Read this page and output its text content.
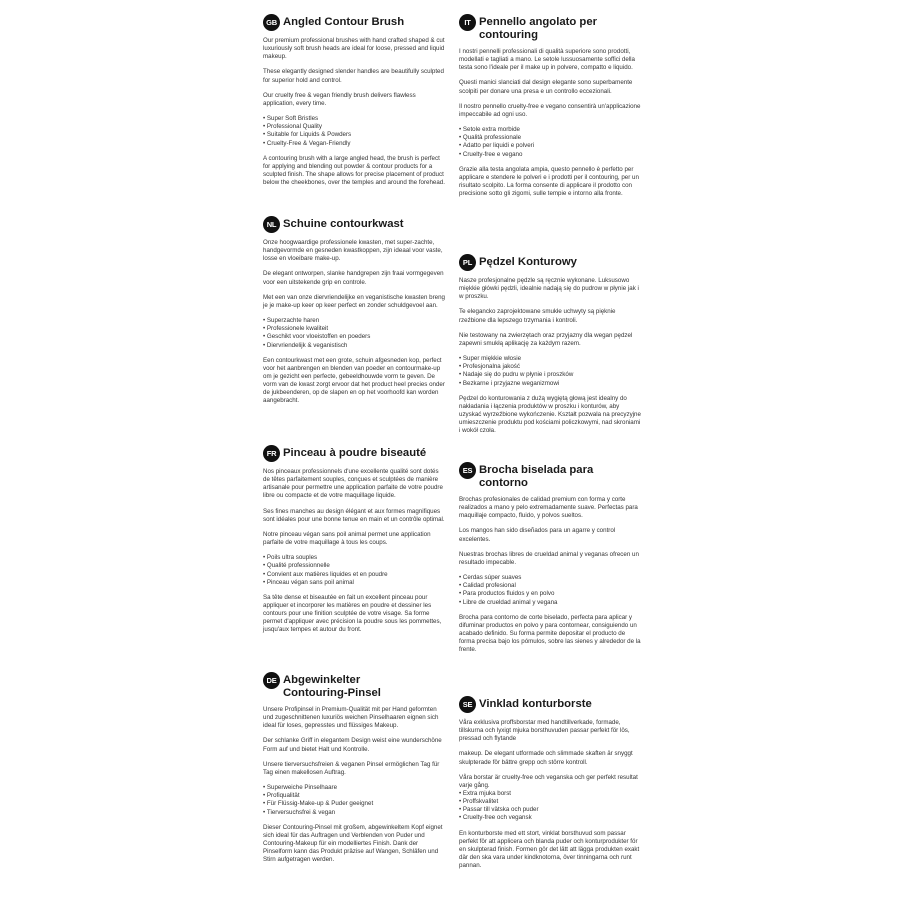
GB Angled Contour Brush

Our premium professional brushes with hand crafted shaped & cut luxuriously soft brush heads are ideal for loose, pressed and liquid makeup.

These elegantly designed slender handles are beautifully sculpted for superior hold and control.

Our cruelty free & vegan friendly brush delivers flawless application, every time.

• Super Soft Bristles
• Professional Quality
• Suitable for Liquids & Powders
• Cruelty-Free & Vegan-Friendly

A contouring brush with a large angled head, the brush is perfect for applying and blending out powder & contour products for a sculpted finish. The shape allows for precise placement of product below the cheekbones, over the temples and around the forehead.

NL Schuine contourkwast

Onze hoogwaardige professionele kwasten, met super-zachte, handgevormde en gesneden kwastkoppen, zijn ideaal voor vaste, losse en vloeibare make-up.

De elegant ontworpen, slanke handgrepen zijn fraai vormgegeven voor een uitstekende grip en controle.

Met een van onze diervriendelijke en veganistische kwasten breng je je make-up keer op keer perfect en zonder schuldgevoel aan.

• Superzachte haren
• Professionele kwaliteit
• Geschikt voor vloeistoffen en poeders
• Diervriendelijk & veganistisch

Een contourkwast met een grote, schuin afgesneden kop, perfect voor het aanbrengen en blenden van poeder en contourmake-up om je gezicht een perfecte, gebeeldhouwde vorm te geven. De vorm van de kwast zorgt ervoor dat het product heel precies onder de jukbeenderen, op de slapen en op het voorhoofd kan worden aangebracht.

FR Pinceau à poudre biseauté

Nos pinceaux professionnels d'une excellente qualité sont dotés de têtes parfaitement souples, conçues et sculptées de manière artisanale pour permettre une application parfaite de votre poudre libre ou compacte et de votre maquillage liquide.

Ses fines manches au design élégant et aux formes magnifiques sont idéales pour une bonne tenue en main et un contrôle optimal.

Notre pinceau végan sans poil animal permet une application parfaite de votre maquillage à tous les coups.

• Poils ultra souples
• Qualité professionnelle
• Convient aux matières liquides et en poudre
• Pinceau végan sans poil animal

Sa tête dense et biseautée en fait un excellent pinceau pour appliquer et incorporer les matières en poudre et dessiner les contours pour une finition sculptée de votre visage. Sa forme permet d'appliquer avec précision la poudre sous les pommettes, jusqu'aux tempes et autour du front.

DE Abgewinkelter
Contouring-Pinsel

Unsere Profipinsel in Premium-Qualität mit per Hand geformten und zugeschnittenen luxuriös weichen Pinselhaaren eignen sich ideal für loses, gepresstes und flüssiges Makeup.

Der schlanke Griff in elegantem Design weist eine wunderschöne Form auf und bietet Halt und Kontrolle.

Unsere tierversuchsfreien & veganen Pinsel ermöglichen Tag für Tag einen makellosen Auftrag.

• Superweiche Pinselhaare
• Profiqualität
• Für Flüssig-Make-up & Puder geeignet
• Tierversuchsfrei & vegan

Dieser Contouring-Pinsel mit großem, abgewinkeltem Kopf eignet sich ideal für das Auftragen und Verblenden von Puder und Contouring-Makeup für ein modelliertes Finish. Dank der Pinselform kann das Produkt präzise auf Wangen, Schläfen und Stirn aufgetragen werden.

IT Pennello angolato per
contouring

I nostri pennelli professionali di qualità superiore sono prodotti, modellati e tagliati a mano. Le setole lussuosamente soffici della testa sono l'ideale per il make up in polvere, compatto e liquido.

Questi manici slanciati dal design elegante sono superbamente scolpiti per donare una presa e un controllo eccezionali.

Il nostro pennello cruelty-free e vegano consentirà un'applicazione impeccabile ad ogni uso.

• Setole extra morbide
• Qualità professionale
• Adatto per liquidi e polveri
• Cruelty-free e vegano

Grazie alla testa angolata ampia, questo pennello è perfetto per applicare e stendere le polveri e i prodotti per il contouring, per un risultato scolpito. La forma consente di applicare il prodotto con precisione sotto gli zigomi, sulle tempie e intorno alla fronte.

PL Pędzel Konturowy

Nasze profesjonalne pędzle są ręcznie wykonane. Luksusowo miękkie główki pędzli, idealnie nadają się do pudrow w płynie jak i w proszku.

Te elegancko zaprojektowane smukłe uchwyty są pięknie rzeźbione dla lepszego trzymania i kontroli.

Nie testowany na zwierzętach oraz przyjazny dla wegan pędzel zapewni smukłą aplikację za każdym razem.

• Super miękkie włosie
• Profesjonalna jakość
• Nadaje się do pudru w płynie i proszków
• Bezkarne i przyjazne weganizmowi

Pędzel do konturowania z dużą wygiętą głową jest idealny do nakładania i łączenia produktów w proszku i konturów, aby uzyskać wyrzeźbione wykończenie. Kształt pozwala na precyzyjne umieszczenie produktu pod kościami policzkowymi, nad skroniami i wokół czoła.

ES Brocha biselada para
contorno

Brochas profesionales de calidad premium con forma y corte realizados a mano y pelo extremadamente suave. Perfectas para maquillaje compacto, fluido, y polvos sueltos.

Los mangos han sido diseñados para un agarre y control excelentes.

Nuestras brochas libres de crueldad animal y veganas ofrecen un resultado impecable.

• Cerdas súper suaves
• Calidad profesional
• Para productos fluidos y en polvo
• Libre de crueldad animal y vegana

Brocha para contorno de corte biselado, perfecta para aplicar y difuminar productos en polvo y para contornear, consiguiendo un acabado definido. Su forma permite depositar el producto de forma precisa bajo los pómulos, sobre las sienes y alrededor de la frente.

SE Vinklad konturborste

Våra exklusiva proffsborstar med handtillverkade, formade, tillskurna och lyxigt mjuka borsthuvuden passar perfekt för lös, pressad och flytande

makeup. De elegant utformade och slimmade skaften är snyggt skulpterade för bättre grepp och större kontroll.

Våra borstar är cruelty-free och veganska och ger perfekt resultat varje gång.

• Extra mjuka borst
• Proffskvalitet
• Passar till vätska och puder
• Cruelty-free och vegansk

En konturborste med ett stort, vinklat borsthuvud som passar perfekt för att applicera och blanda puder och konturprodukter för en skulpterad finish. Formen gör det lätt att lägga produkten exakt där den ska vara under kindknotorna, över tinningarna och runt pannan.
